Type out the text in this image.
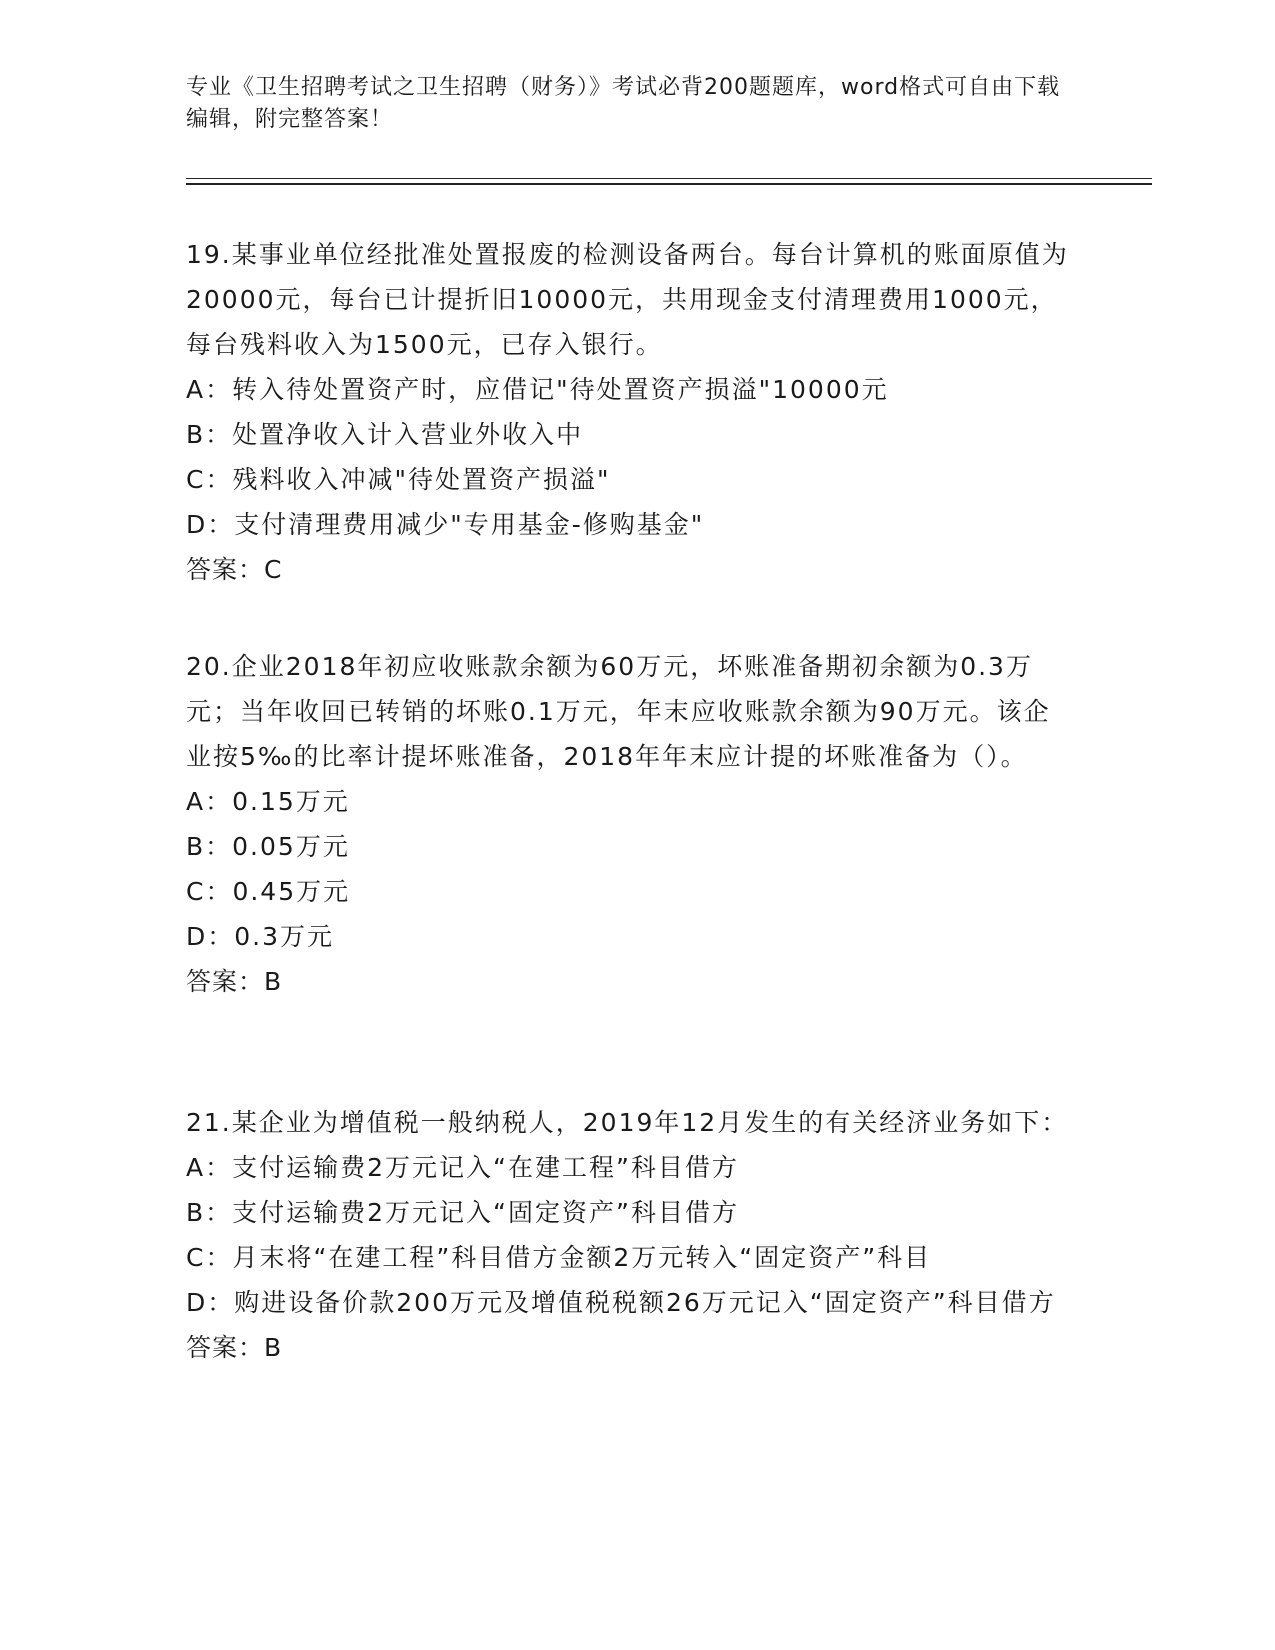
专业《卫生招聘考试之卫生招聘（财务）》考试必背200题题库，word格式可自由下载编辑，附完整答案！

19.某事业单位经批准处置报废的检测设备两台。每台计算机的账面原值为20000元，每台已计提折旧10000元，共用现金支付清理费用1000元，每台残料收入为1500元，已存入银行。

A：转入待处置资产时，应借记"待处置资产损溢"10000元

B：处置净收入计入营业外收入中

C：残料收入冲减"待处置资产损溢"

D：支付清理费用减少"专用基金-修购基金"

答案：C

20.企业2018年初应收账款余额为60万元，坏账准备期初余额为0.3万元；当年收回已转销的坏账0.1万元，年末应收账款余额为90万元。该企业按5‰的比率计提坏账准备，2018年年末应计提的坏账准备为（）。

A：0.15万元

B：0.05万元

C：0.45万元

D：0.3万元

答案：B

21.某企业为增值税一般纳税人，2019年12月发生的有关经济业务如下：

A：支付运输费2万元记入“在建工程”科目借方

B：支付运输费2万元记入“固定资产”科目借方

C：月末将“在建工程”科目借方金额2万元转入“固定资产”科目

D：购进设备价款200万元及增值税税额26万元记入“固定资产”科目借方

答案：B
